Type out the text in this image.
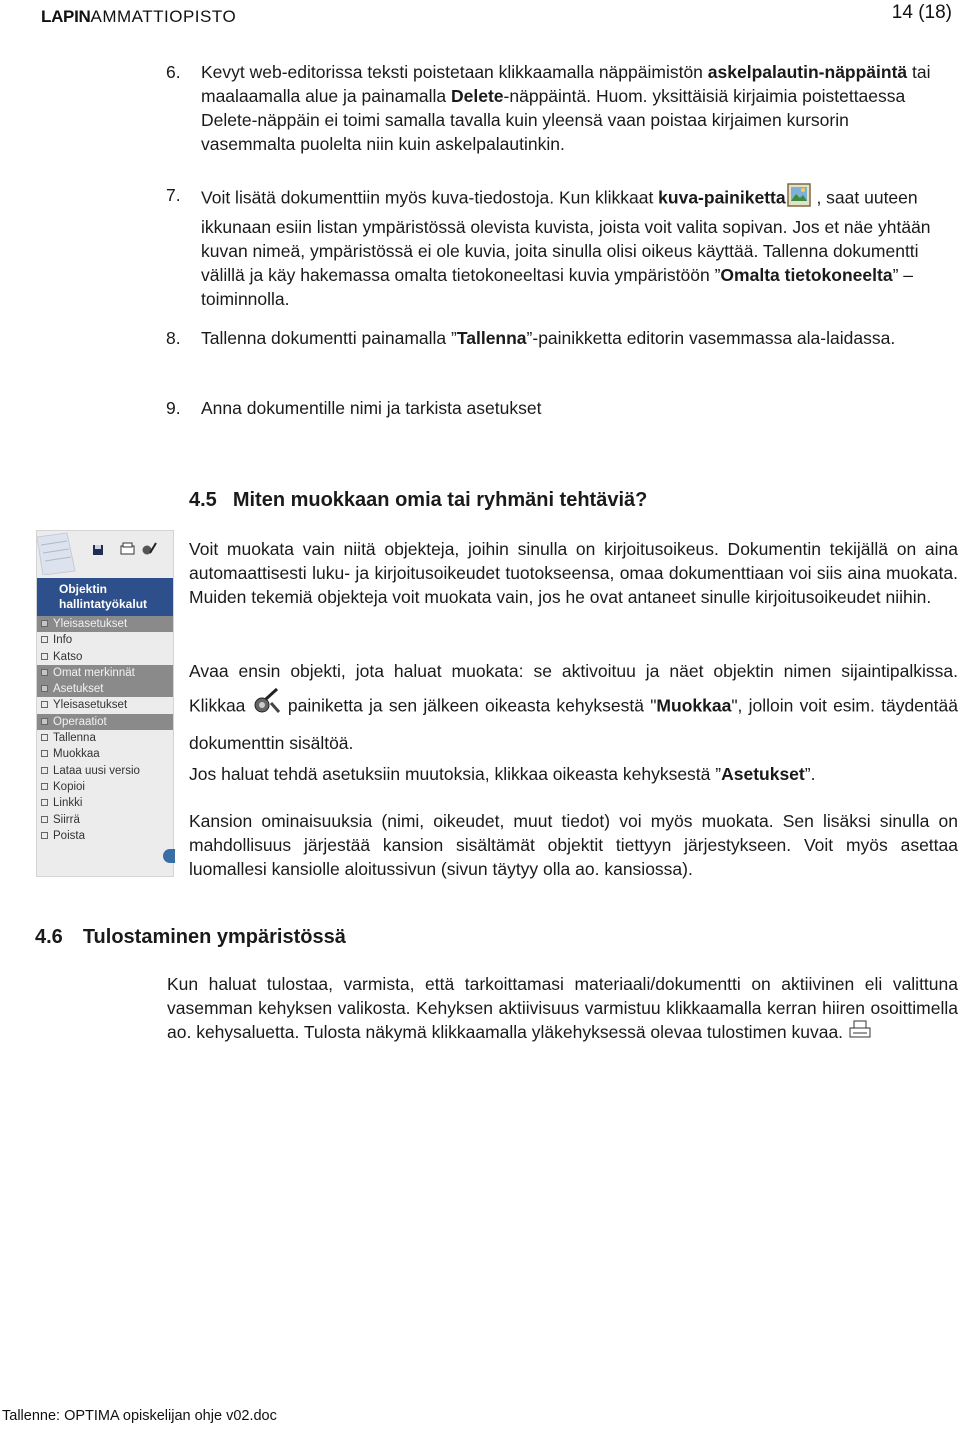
LAPINAMMATTIOPISTO	14 (18)
6. Kevyt web-editorissa teksti poistetaan klikkaamalla näppäimistön askelpalautin-näppäintä tai maalaamalla alue ja painamalla Delete-näppäintä. Huom. yksittäisiä kirjaimia poistettaessa Delete-näppäin ei toimi samalla tavalla kuin yleensä vaan poistaa kirjaimen kursorin vasemmalta puolelta niin kuin askelpalautinkin.
7. Voit lisätä dokumenttiin myös kuva-tiedostoja. Kun klikkaat kuva-painiketta , saat uuteen ikkunaan esiin listan ympäristössä olevista kuvista, joista voit valita sopivan. Jos et näe yhtään kuvan nimeä, ympäristössä ei ole kuvia, joita sinulla olisi oikeus käyttää. Tallenna dokumentti välillä ja käy hakemassa omalta tietokoneeltasi kuvia ympäristöön ”Omalta tietokoneelta” –toiminnolla.
8. Tallenna dokumentti painamalla ”Tallenna”-painikketta editorin vasemmassa ala-laidassa.
9. Anna dokumentille nimi ja tarkista asetukset
4.5 Miten muokkaan omia tai ryhmäni tehtäviä?
Objektin hallintatyökalut
Yleisasetukset
Info
Katso
Omat merkinnät
Asetukset
Yleisasetukset
Operaatiot
Tallenna
Muokkaa
Lataa uusi versio
Kopioi
Linkki
Siirrä
Poista
Voit muokata vain niitä objekteja, joihin sinulla on kirjoitusoikeus. Dokumentin tekijällä on aina automaattisesti luku- ja kirjoitusoikeudet tuotokseensa, omaa dokumenttiaan voi siis aina muokata. Muiden tekemiä objekteja voit muokata vain, jos he ovat antaneet sinulle kirjoitusoikeudet niihin.
Avaa ensin objekti, jota haluat muokata: se aktivoituu ja näet objektin nimen sijaintipalkissa. Klikkaa  painiketta ja sen jälkeen oikeasta kehyksestä "Muokkaa", jolloin voit esim. täydentää dokumenttin sisältöä.
Jos haluat tehdä asetuksiin muutoksia, klikkaa oikeasta kehyksestä ”Asetukset”.
Kansion ominaisuuksia (nimi, oikeudet, muut tiedot) voi myös muokata. Sen lisäksi sinulla on mahdollisuus järjestää kansion sisältämät objektit tiettyyn järjestykseen. Voit myös asettaa luomallesi kansiolle aloitussivun (sivun täytyy olla ao. kansiossa).
4.6 Tulostaminen ympäristössä
Kun haluat tulostaa, varmista, että tarkoittamasi materiaali/dokumentti on aktiivinen eli valittuna vasemman kehyksen valikosta. Kehyksen aktiivisuus varmistuu klikkaamalla kerran hiiren osoittimella ao. kehysaluetta. Tulosta näkymä klikkaamalla yläkehyksessä olevaa tulostimen kuvaa.
Tallenne: OPTIMA opiskelijan ohje v02.doc
